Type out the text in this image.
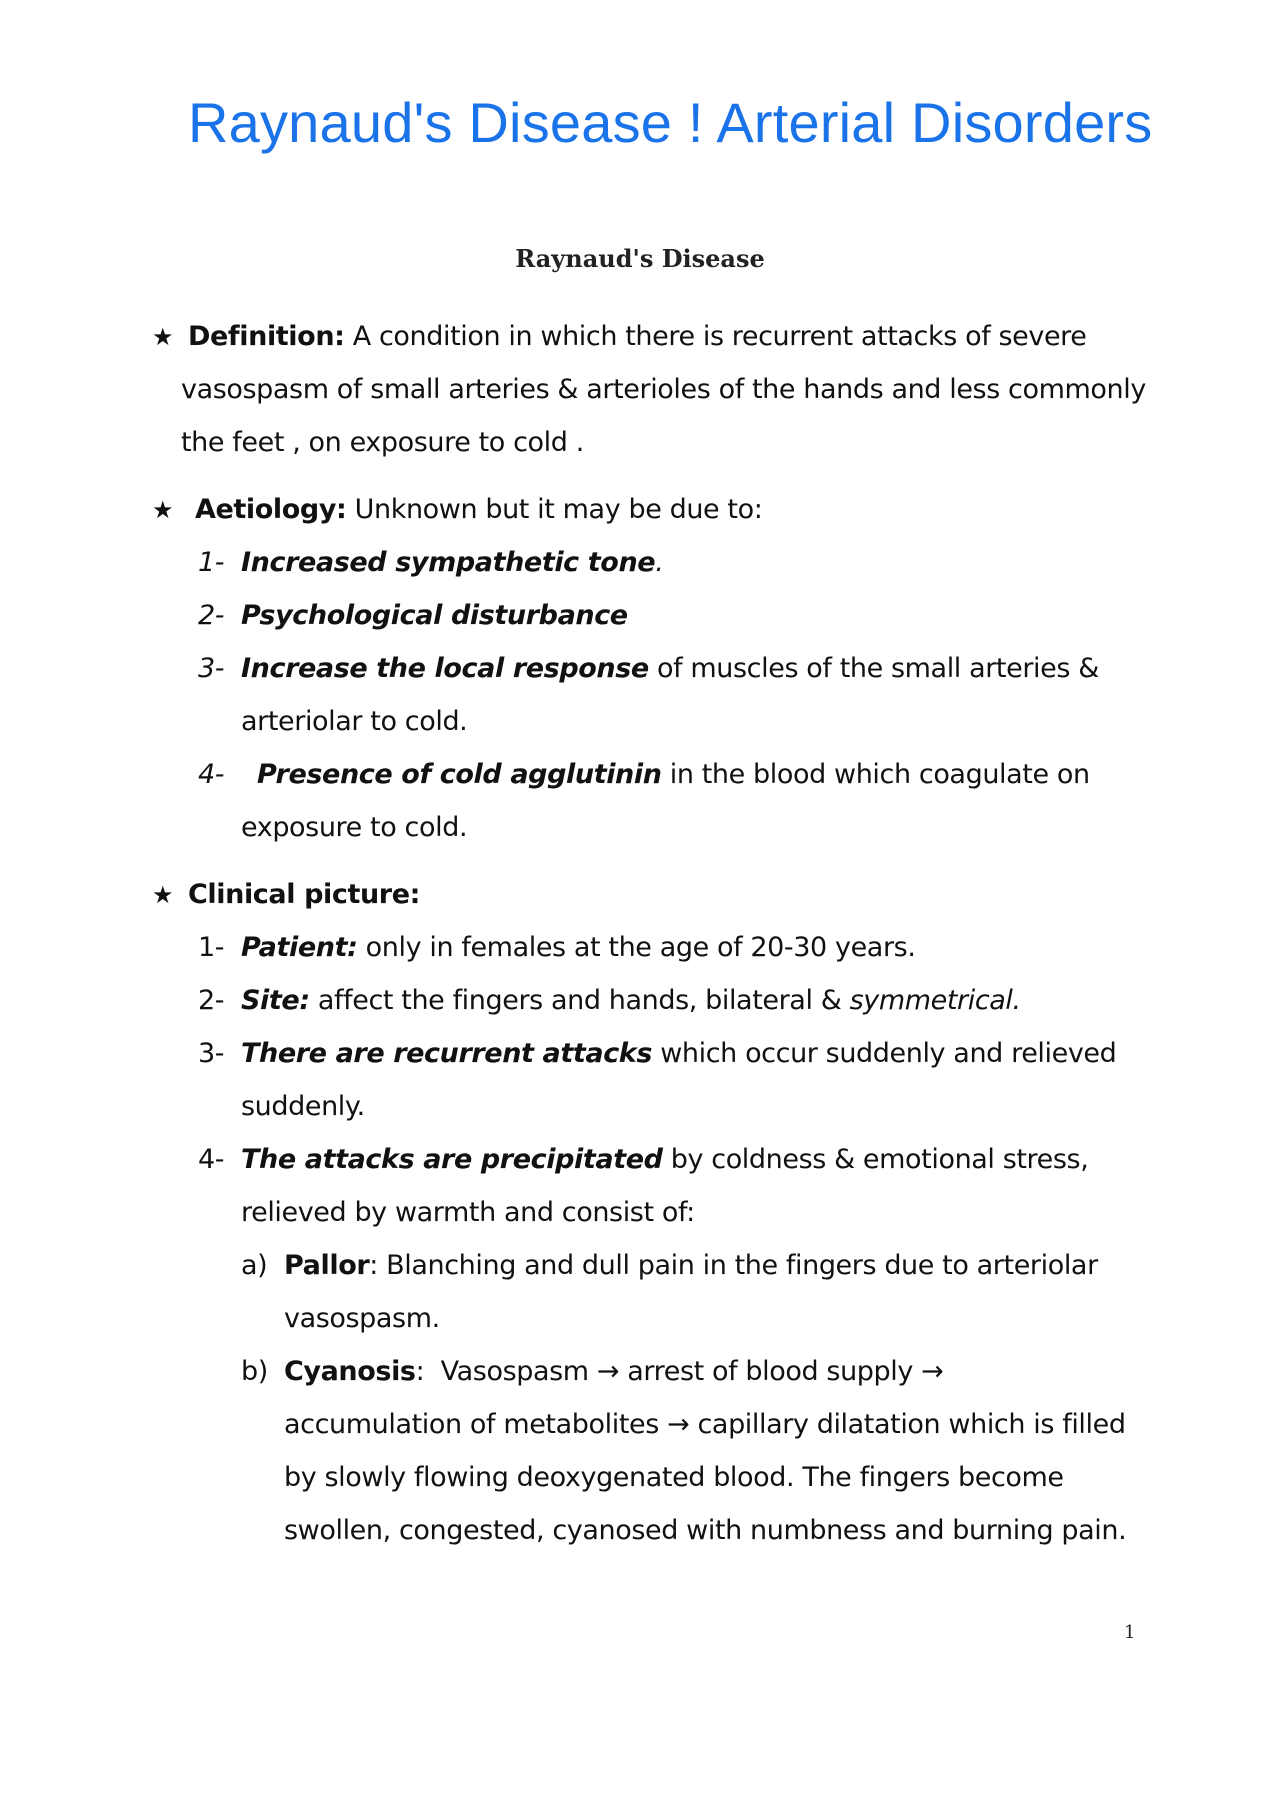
Raynaud's Disease ! Arterial Disorders
Raynaud's Disease
★ Definition: A condition in which there is recurrent attacks of severe

vasospasm of small arteries & arterioles of the hands and less commonly

the feet , on exposure to cold .

★ Aetiology: Unknown but it may be due to:

1- Increased sympathetic tone.

2- Psychological disturbance

3- Increase the local response of muscles of the small arteries &

arteriolar to cold.

4- Presence of cold agglutinin in the blood which coagulate on

exposure to cold.

★ Clinical picture:

1- Patient: only in females at the age of 20-30 years.

2- Site: affect the fingers and hands, bilateral & symmetrical.

3- There are recurrent attacks which occur suddenly and relieved

suddenly.

4- The attacks are precipitated by coldness & emotional stress,

relieved by warmth and consist of:

a) Pallor: Blanching and dull pain in the fingers due to arteriolar

vasospasm.

b) Cyanosis:  Vasospasm → arrest of blood supply →

accumulation of metabolites → capillary dilatation which is filled

by slowly flowing deoxygenated blood. The fingers become

swollen, congested, cyanosed with numbness and burning pain.

1
